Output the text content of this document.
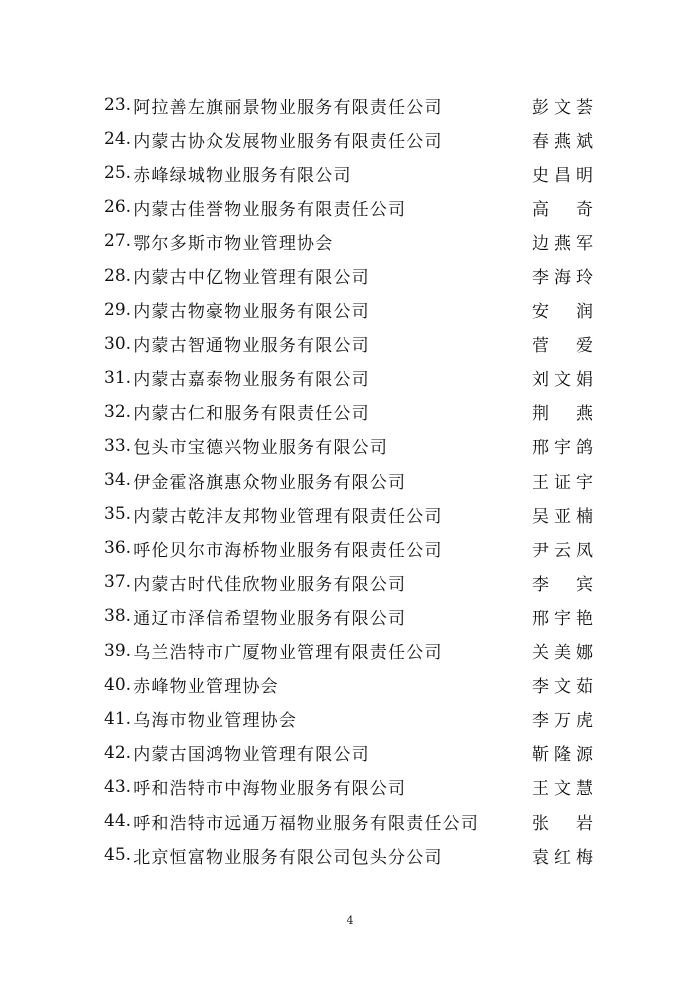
23 . 阿拉善左旗丽景物业服务有限责任公司	彭文荟
24 . 内蒙古协众发展物业服务有限责任公司	春燕斌
25 . 赤峰绿城物业服务有限公司	史昌明
26 . 内蒙古佳誉物业服务有限责任公司	高 奇
27 . 鄂尔多斯市物业管理协会	边燕军
28 . 内蒙古中亿物业管理有限公司	李海玲
29 . 内蒙古物豪物业服务有限公司	安 润
30 . 内蒙古智通物业服务有限公司	菅 爱
31 . 内蒙古嘉泰物业服务有限公司	刘文娟
32 . 内蒙古仁和服务有限责任公司	荆 燕
33 . 包头市宝德兴物业服务有限公司	邢宇鸽
34 . 伊金霍洛旗惠众物业服务有限公司	王证宇
35 . 内蒙古乾沣友邦物业管理有限责任公司	吴亚楠
36 . 呼伦贝尔市海桥物业服务有限责任公司	尹云凤
37 . 内蒙古时代佳欣物业服务有限公司	李 宾
38 . 通辽市泽信希望物业服务有限公司	邢宇艳
39 . 乌兰浩特市广厦物业管理有限责任公司	关美娜
40 . 赤峰物业管理协会	李文茹
41 . 乌海市物业管理协会	李万虎
42 . 内蒙古国鸿物业管理有限公司	靳隆源
43 . 呼和浩特市中海物业服务有限公司	王文慧
44 . 呼和浩特市远通万福物业服务有限责任公司	张 岩
45 . 北京恒富物业服务有限公司包头分公司	袁红梅
4
